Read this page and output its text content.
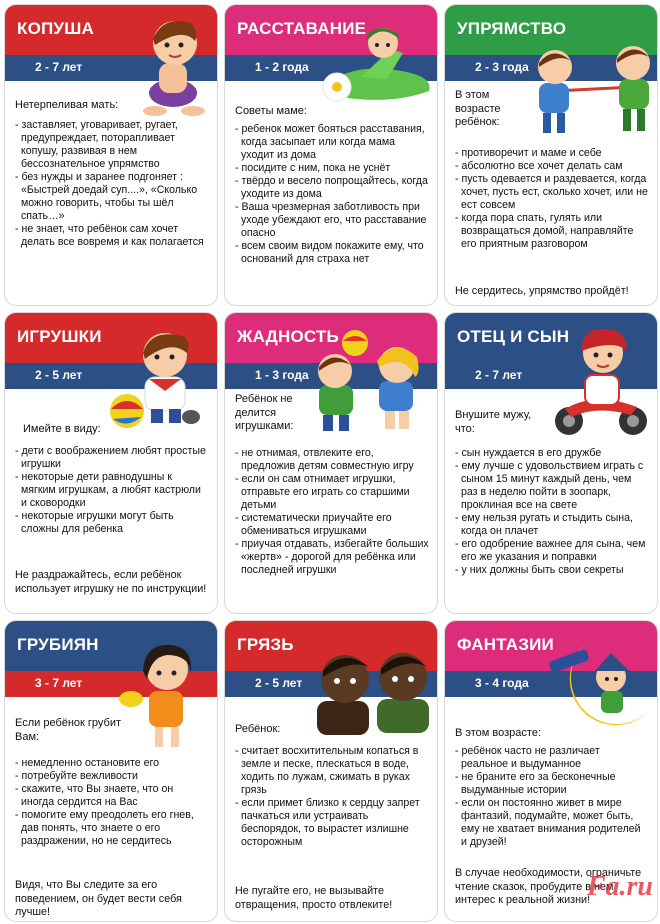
КОПУША
2 - 7 лет
Нетерпеливая мать:
- заставляет, уговаривает, ругает, предупреждает, поторапливает копушу, развивая в нем бессознательное упрямство
- без нужды и заранее подгоняет : «Быстрей доедай суп....», «Сколько можно говорить, чтобы ты шёл спать…»
- не знает, что ребёнок сам хочет делать все вовремя и как полагается
РАССТАВАНИЕ
1 - 2 года
Советы маме:
- ребенок может бояться расставания, когда засыпает или когда мама уходит из дома
- посидите с ним, пока не уснёт
- твёрдо и весело попрощайтесь, когда уходите из дома
- Ваша чрезмерная заботливость при уходе убеждают его, что расставание опасно
- всем своим видом покажите ему, что оснований для страха нет
УПРЯМСТВО
2 - 3 года
В этом возрасте ребёнок:
- противоречит и маме и себе
- абсолютно все хочет делать сам
- пусть одевается и раздевается, когда хочет, пусть ест, сколько хочет, или не ест совсем
- когда пора спать, гулять или возвращаться домой, направляйте его приятным разговором
Не сердитесь, упрямство пройдёт!
ИГРУШКИ
2 - 5 лет
Имейте в виду:
- дети с воображением любят простые игрушки
- некоторые дети равнодушны к мягким игрушкам, а любят кастрюли и сковородки
- некоторые игрушки могут быть сложны для ребенка
Не раздражайтесь, если ребёнок использует игрушку не по инструкции!
ЖАДНОСТЬ
1 - 3 года
Ребёнок не делится игрушками:
- не отнимая, отвлеките его, предложив детям совместную игру
- если он сам отнимает игрушки, отправьте его играть со старшими детьми
- систематически приучайте его обмениваться игрушками
- приучая отдавать, избегайте больших «жертв» - дорогой для ребёнка или последней игрушки
ОТЕЦ И СЫН
2 - 7 лет
Внушите мужу, что:
- сын нуждается в его дружбе
- ему лучше с удовольствием играть с сыном 15 минут каждый день, чем раз в неделю пойти в зоопарк, проклиная все на свете
- ему нельзя ругать и стыдить сына, когда он плачет
- его одобрение важнее для сына, чем его же указания и поправки
- у них должны быть свои секреты
ГРУБИЯН
3 - 7 лет
Если ребёнок грубит Вам:
- немедленно остановите его
- потребуйте вежливости
- скажите, что Вы знаете, что он иногда сердится на Вас
- помогите ему преодолеть его гнев, дав понять, что знаете о его раздражении, но не сердитесь
Видя, что Вы следите за его поведением, он будет вести себя лучше!
ГРЯЗЬ
2 - 5 лет
Ребёнок:
- считает восхитительным копаться в земле и песке, плескаться в воде, ходить по лужам, сжимать в руках грязь
- если примет близко к сердцу запрет пачкаться или устраивать беспорядок, то вырастет излишне осторожным
Не пугайте его, не вызывайте отвращения, просто отвлеките!
ФАНТАЗИИ
3 - 4 года
В этом возрасте:
- ребёнок часто не различает реальное и выдуманное
- не браните его за бесконечные выдуманные истории
- если он постоянно живет в мире фантазий, подумайте, может быть, ему не хватает внимания родителей и друзей!
В случае необходимости, ограничьте чтение сказок, пробудите в нем интерес к реальной жизни!
Fa.ru
